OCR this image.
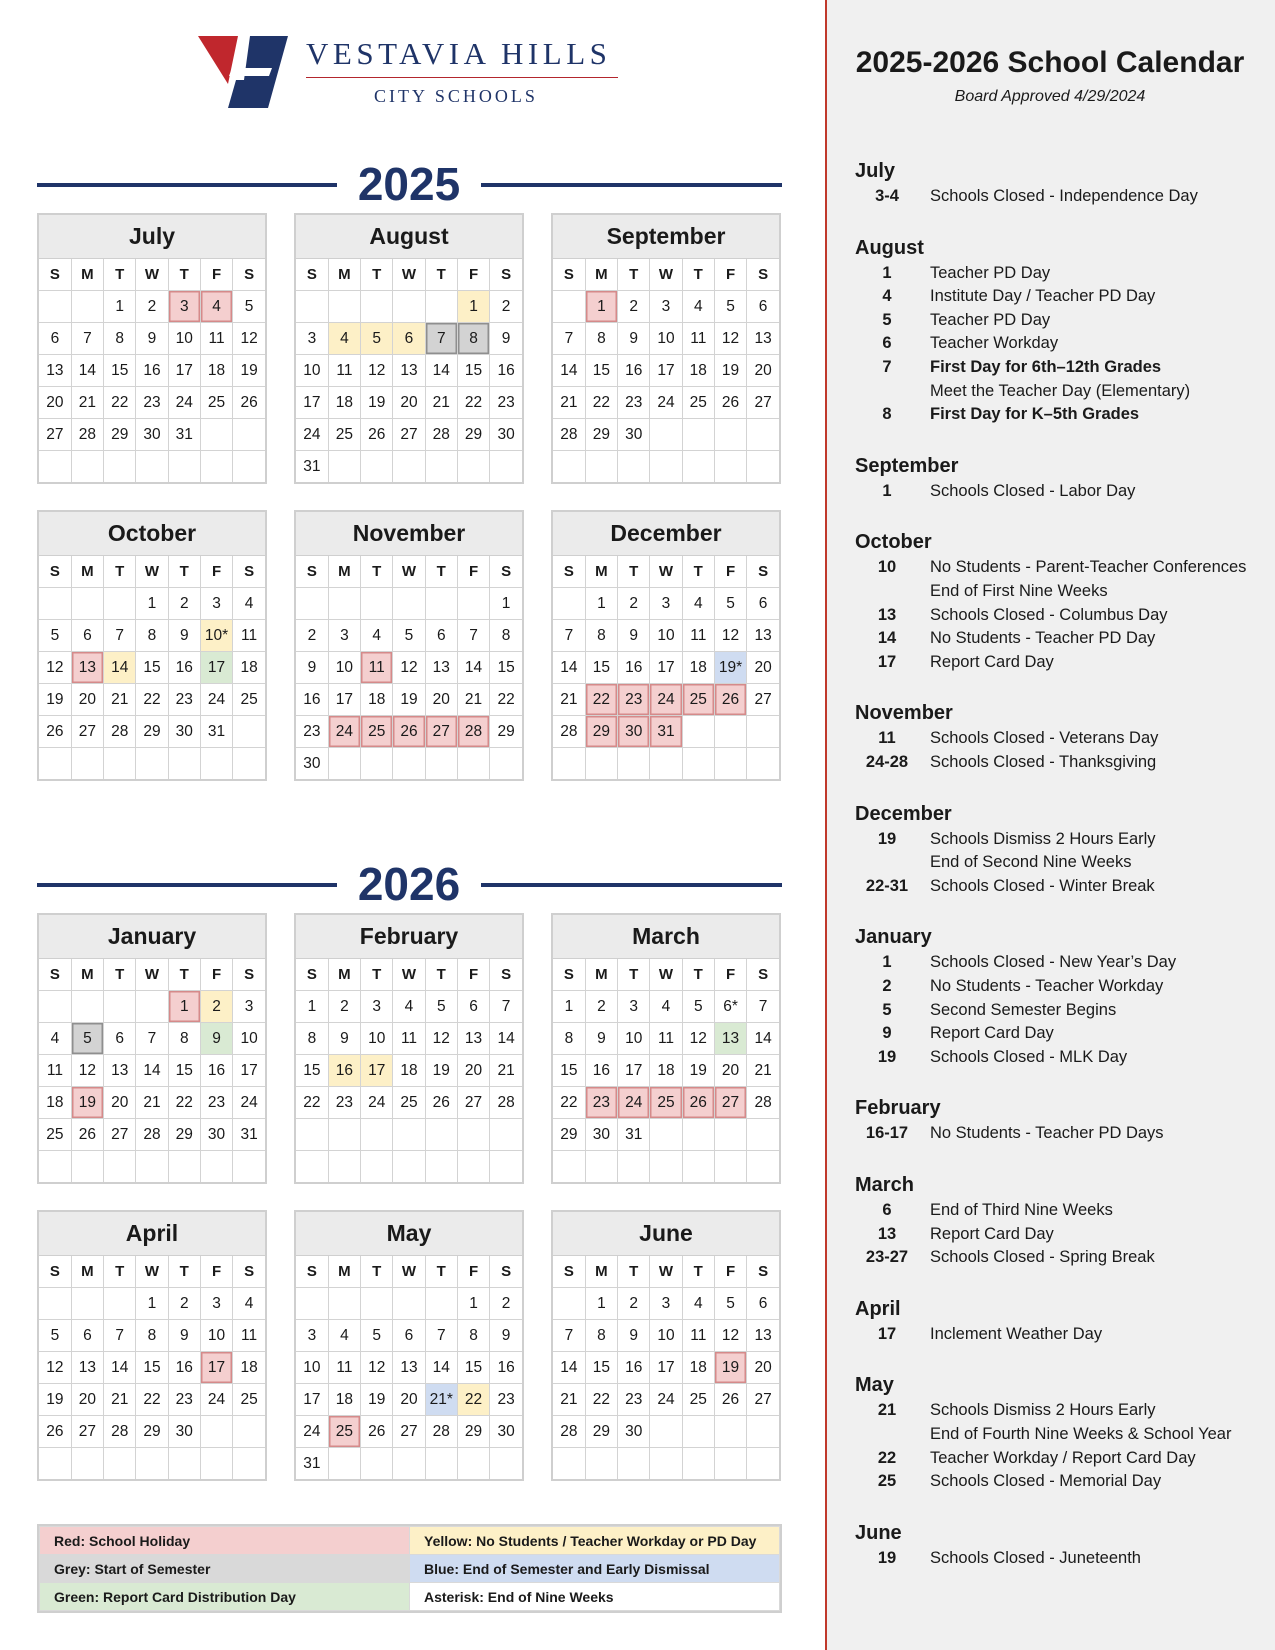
VESTAVIA HILLS
CITY SCHOOLS
2025
2026
July
S	M	T	W	T	F	S
		1	2	3	4	5
6	7	8	9	10	11	12
13	14	15	16	17	18	19
20	21	22	23	24	25	26
27	28	29	30	31		

August
S	M	T	W	T	F	S
					1	2
3	4	5	6	7	8	9
10	11	12	13	14	15	16
17	18	19	20	21	22	23
24	25	26	27	28	29	30
31						
September
S	M	T	W	T	F	S
	1	2	3	4	5	6
7	8	9	10	11	12	13
14	15	16	17	18	19	20
21	22	23	24	25	26	27
28	29	30				

October
S	M	T	W	T	F	S
			1	2	3	4
5	6	7	8	9	10*	11
12	13	14	15	16	17	18
19	20	21	22	23	24	25
26	27	28	29	30	31	

November
S	M	T	W	T	F	S
						1
2	3	4	5	6	7	8
9	10	11	12	13	14	15
16	17	18	19	20	21	22
23	24	25	26	27	28	29
30						
December
S	M	T	W	T	F	S
	1	2	3	4	5	6
7	8	9	10	11	12	13
14	15	16	17	18	19*	20
21	22	23	24	25	26	27
28	29	30	31			

January
S	M	T	W	T	F	S
				1	2	3
4	5	6	7	8	9	10
11	12	13	14	15	16	17
18	19	20	21	22	23	24
25	26	27	28	29	30	31

February
S	M	T	W	T	F	S
1	2	3	4	5	6	7
8	9	10	11	12	13	14
15	16	17	18	19	20	21
22	23	24	25	26	27	28

March
S	M	T	W	T	F	S
1	2	3	4	5	6*	7
8	9	10	11	12	13	14
15	16	17	18	19	20	21
22	23	24	25	26	27	28
29	30	31				

April
S	M	T	W	T	F	S
			1	2	3	4
5	6	7	8	9	10	11
12	13	14	15	16	17	18
19	20	21	22	23	24	25
26	27	28	29	30		

May
S	M	T	W	T	F	S
					1	2
3	4	5	6	7	8	9
10	11	12	13	14	15	16
17	18	19	20	21*	22	23
24	25	26	27	28	29	30
31						
June
S	M	T	W	T	F	S
	1	2	3	4	5	6
7	8	9	10	11	12	13
14	15	16	17	18	19	20
21	22	23	24	25	26	27
28	29	30				

Red: School Holiday	Yellow: No Students / Teacher Workday or PD Day
Grey: Start of Semester	Blue: End of Semester and Early Dismissal
Green: Report Card Distribution Day	Asterisk: End of Nine Weeks
2025-2026 School Calendar
Board Approved 4/29/2024
July
3-4	Schools Closed - Independence Day
August
1	Teacher PD Day
4	Institute Day / Teacher PD Day
5	Teacher PD Day
6	Teacher Workday
7	First Day for 6th–12th Grades
Meet the Teacher Day (Elementary)
8	First Day for K–5th Grades
September
1	Schools Closed - Labor Day
October
10	No Students - Parent-Teacher Conferences
End of First Nine Weeks
13	Schools Closed - Columbus Day
14	No Students - Teacher PD Day
17	Report Card Day
November
11	Schools Closed - Veterans Day
24-28	Schools Closed - Thanksgiving
December
19	Schools Dismiss 2 Hours Early
End of Second Nine Weeks
22-31	Schools Closed - Winter Break
January
1	Schools Closed - New Year’s Day
2	No Students - Teacher Workday
5	Second Semester Begins
9	Report Card Day
19	Schools Closed - MLK Day
February
16-17	No Students - Teacher PD Days
March
6	End of Third Nine Weeks
13	Report Card Day
23-27	Schools Closed - Spring Break
April
17	Inclement Weather Day
May
21	Schools Dismiss 2 Hours Early
End of Fourth Nine Weeks & School Year
22	Teacher Workday / Report Card Day
25	Schools Closed - Memorial Day
June
19	Schools Closed - Juneteenth
